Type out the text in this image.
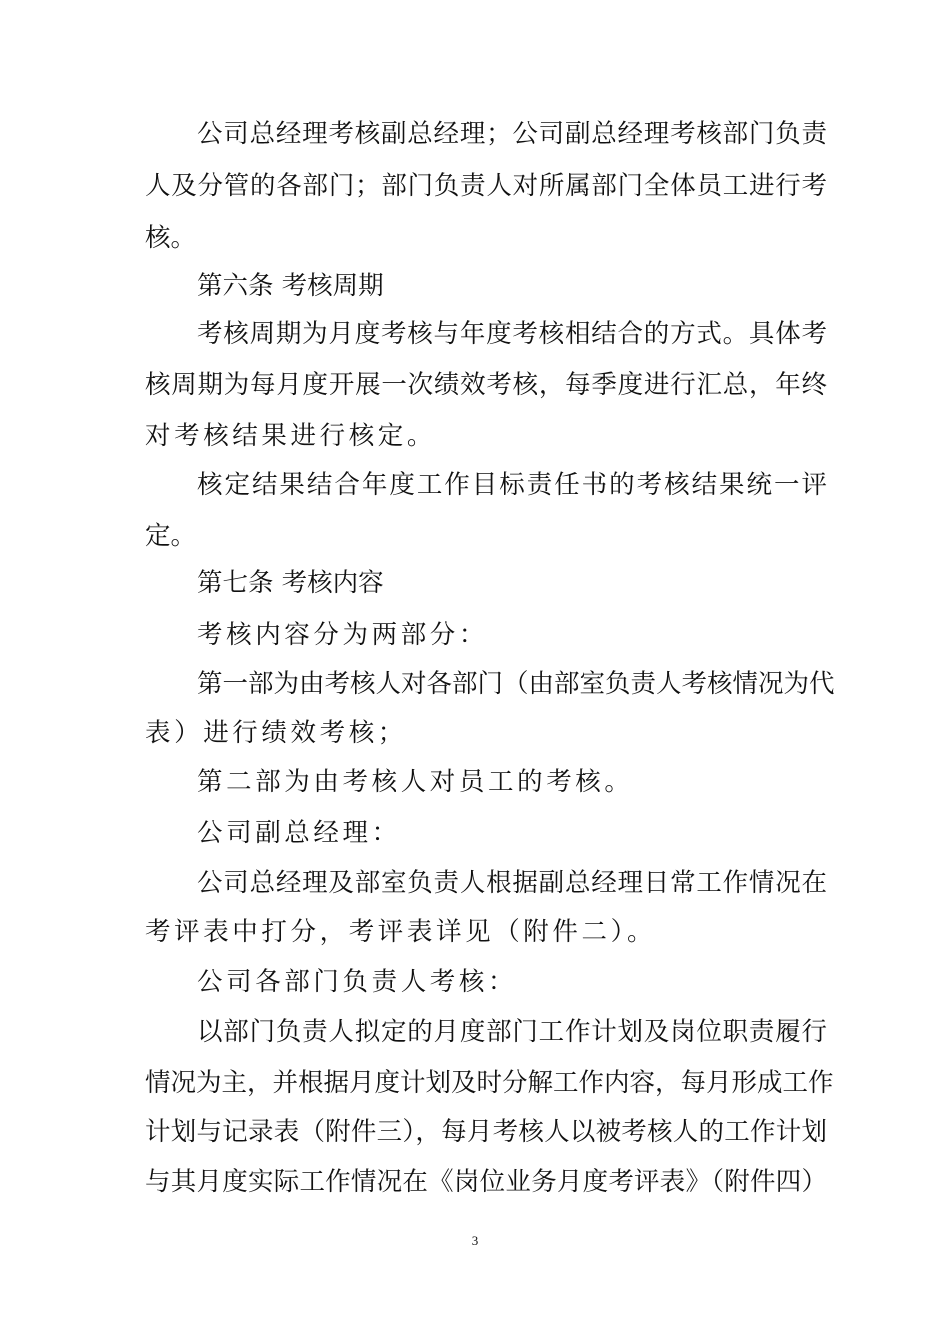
公司总经理考核副总经理；公司副总经理考核部门负责
人及分管的各部门；部门负责人对所属部门全体员工进行考
核。
第六条 考核周期
考核周期为月度考核与年度考核相结合的方式。具体考
核周期为每月度开展一次绩效考核，每季度进行汇总，年终
对考核结果进行核定。
核定结果结合年度工作目标责任书的考核结果统一评
定。
第七条 考核内容
考核内容分为两部分：
第一部为由考核人对各部门（由部室负责人考核情况为代
表）进行绩效考核；
第二部为由考核人对员工的考核。
公司副总经理：
公司总经理及部室负责人根据副总经理日常工作情况在
考评表中打分，考评表详见（附件二）。
公司各部门负责人考核：
以部门负责人拟定的月度部门工作计划及岗位职责履行
情况为主，并根据月度计划及时分解工作内容，每月形成工作
计划与记录表（附件三），每月考核人以被考核人的工作计划
与其月度实际工作情况在《岗位业务月度考评表》（附件四）
3
